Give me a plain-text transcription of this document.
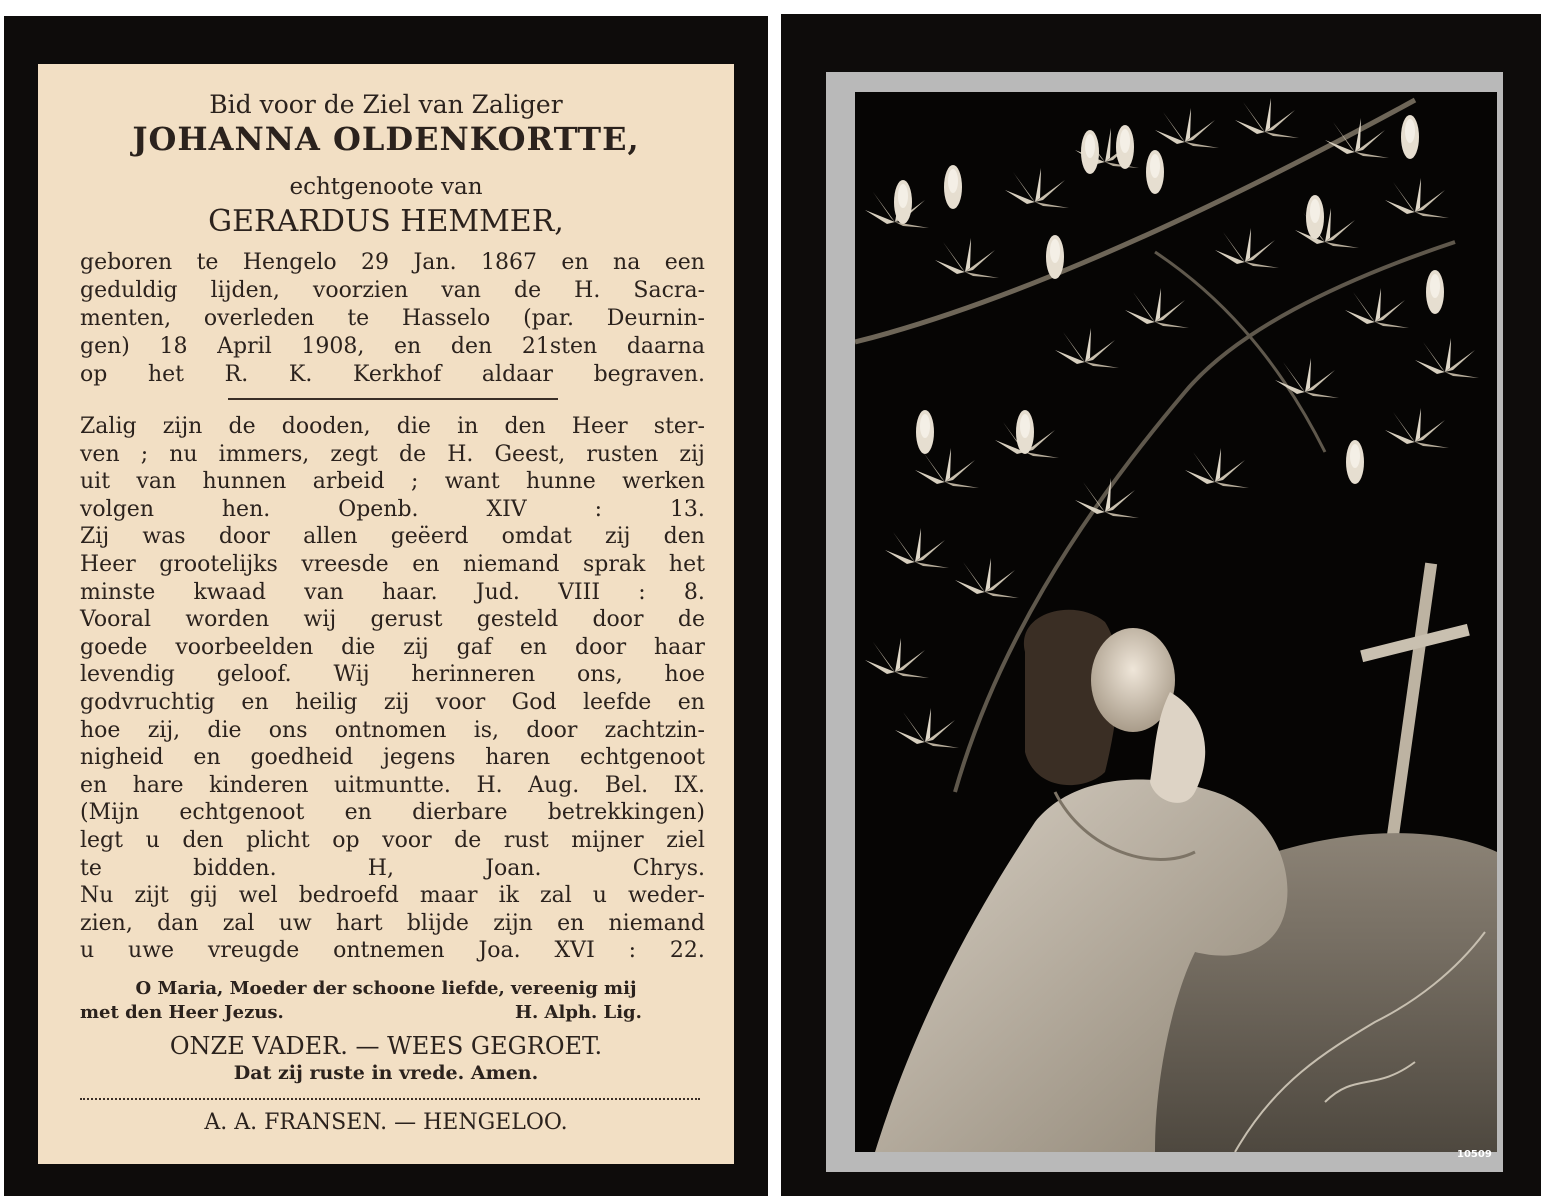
Bid voor de Ziel van Zaliger
JOHANNA OLDENKORTTE,
echtgenoote van
GERARDUS HEMMER,
geboren te Hengelo 29 Jan. 1867 en na een
geduldig lijden, voorzien van de H. Sacra-
menten, overleden te Hasselo (par. Deurnin-
gen) 18 April 1908, en den 21sten daarna
op het R. K. Kerkhof aldaar begraven.
Zalig zijn de dooden, die in den Heer ster-
ven ; nu immers, zegt de H. Geest, rusten zij
uit van hunnen arbeid ; want hunne werken
volgen	hen.	Openb.	XIV	:	13.
Zij was door allen geëerd omdat zij den
Heer grootelijks vreesde en niemand sprak het
minste kwaad van haar. Jud. VIII : 8.
Vooral worden wij gerust gesteld door de
goede voorbeelden die zij gaf en door haar
levendig geloof. Wij herinneren ons, hoe
godvruchtig en heilig zij voor God leefde en
hoe zij, die ons ontnomen is, door zachtzin-
nigheid en goedheid jegens haren echtgenoot
en hare kinderen uitmuntte. H. Aug. Bel. IX.
(Mijn echtgenoot en dierbare betrekkingen)
legt u den plicht op voor de rust mijner ziel
te	bidden.	H,	Joan.	Chrys.
Nu zijt gij wel bedroefd maar ik zal u weder-
zien, dan zal uw hart blijde zijn en niemand
u uwe vreugde ontnemen Joa. XVI : 22.
O Maria, Moeder der schoone liefde, vereenig mij
met den Heer Jezus.	H. Alph. Lig.
ONZE VADER. — WEES GEGROET.
Dat zij ruste in vrede. Amen.
A. A. FRANSEN. — HENGELOO.
10509
